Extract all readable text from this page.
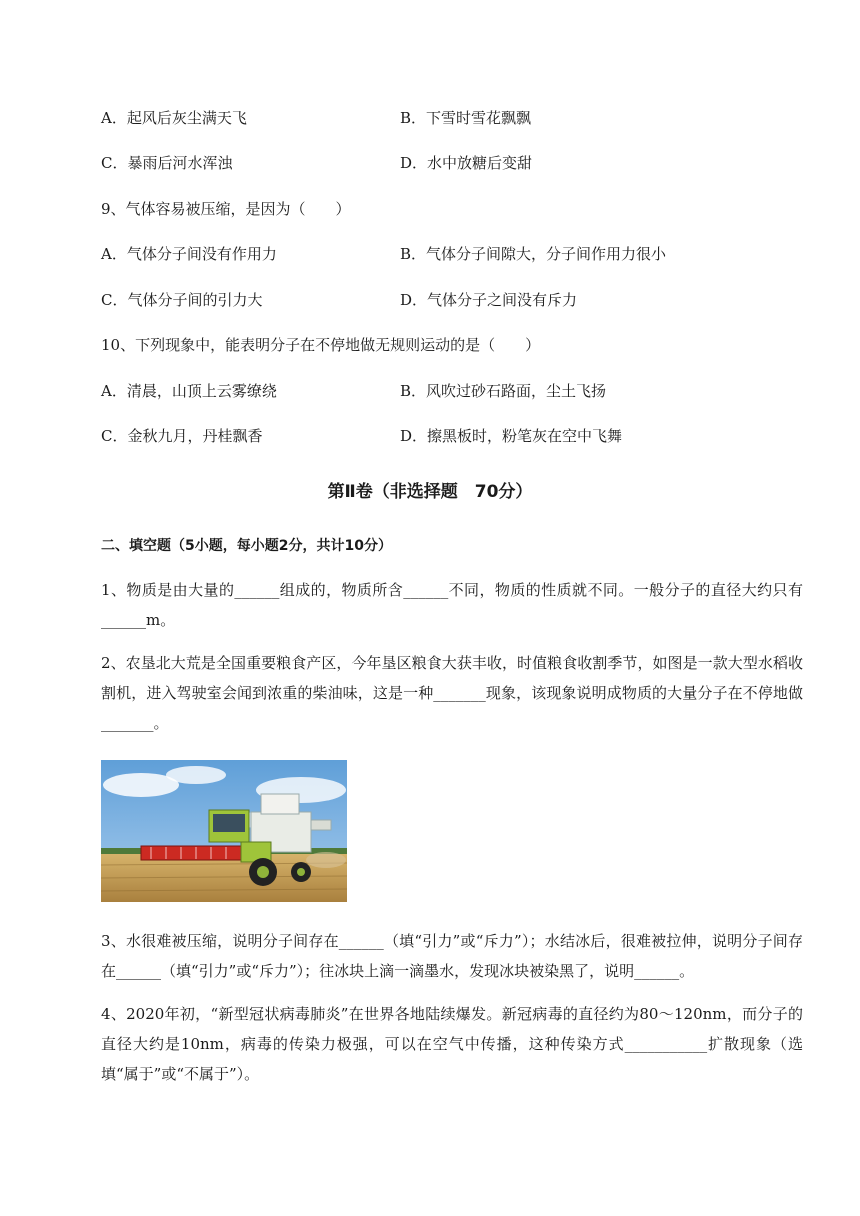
A．起风后灰尘满天飞	B．下雪时雪花飘飘
C．暴雨后河水浑浊	D．水中放糖后变甜
9、气体容易被压缩，是因为（　　）
A．气体分子间没有作用力	B．气体分子间隙大，分子间作用力很小
C．气体分子间的引力大	D．气体分子之间没有斥力
10、下列现象中，能表明分子在不停地做无规则运动的是（　　）
A．清晨，山顶上云雾缭绕	B．风吹过砂石路面，尘土飞扬
C．金秋九月，丹桂飘香	D．擦黑板时，粉笔灰在空中飞舞
第Ⅱ卷（非选择题　70分）
二、填空题（5小题，每小题2分，共计10分）
1、物质是由大量的______组成的，物质所含______不同，物质的性质就不同。一般分子的直径大约只有______m。
2、农垦北大荒是全国重要粮食产区，今年垦区粮食大获丰收，时值粮食收割季节，如图是一款大型水稻收割机，进入驾驶室会闻到浓重的柴油味，这是一种_______现象，该现象说明成物质的大量分子在不停地做_______。
3、水很难被压缩，说明分子间存在______（填“引力”或“斥力”）；水结冰后，很难被拉伸，说明分子间存在______（填“引力”或“斥力”）；往冰块上滴一滴墨水，发现冰块被染黑了，说明______。
4、2020年初，“新型冠状病毒肺炎”在世界各地陆续爆发。新冠病毒的直径约为80～120nm，而分子的直径大约是10nm，病毒的传染力极强，可以在空气中传播，这种传染方式___________扩散现象（选填“属于”或“不属于”）。
